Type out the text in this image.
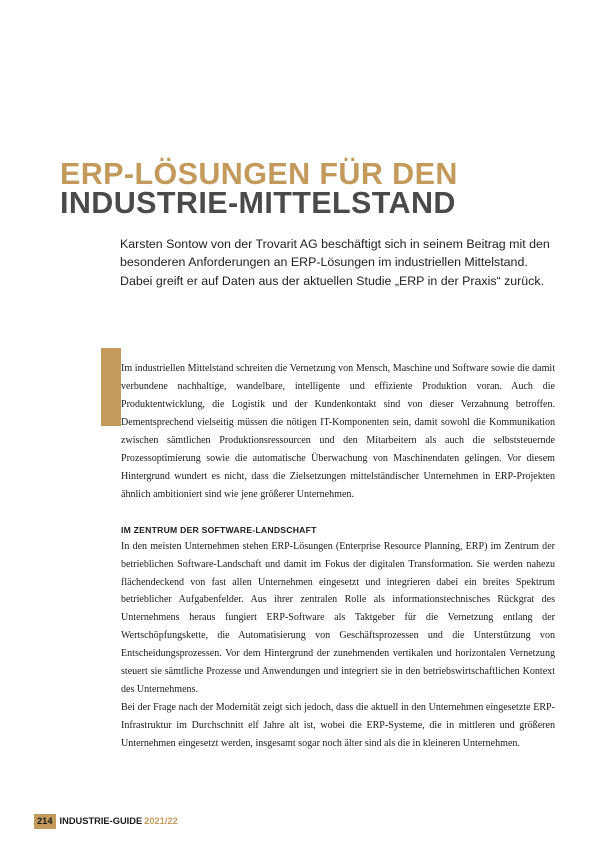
ERP-LÖSUNGEN FÜR DEN
INDUSTRIE-MITTELSTAND

Karsten Sontow von der Trovarit AG beschäftigt sich in seinem Beitrag mit den besonderen Anforderungen an ERP-Lösungen im industriellen Mittelstand. Dabei greift er auf Daten aus der aktuellen Studie „ERP in der Praxis“ zurück.

Im industriellen Mittelstand schreiten die Vernetzung von Mensch, Maschine und Software sowie die damit verbundene nachhaltige, wandelbare, intelligente und effiziente Produktion voran. Auch die Produktentwicklung, die Logistik und der Kundenkontakt sind von dieser Verzahnung betroffen. Dementsprechend vielseitig müssen die nötigen IT-Komponenten sein, damit sowohl die Kommunikation zwischen sämtlichen Produktionsressourcen und den Mitarbeitern als auch die selbststeuernde Prozessoptimierung sowie die automatische Überwachung von Maschinendaten gelingen. Vor diesem Hintergrund wundert es nicht, dass die Zielsetzungen mittelständischer Unternehmen in ERP-Projekten ähnlich ambitioniert sind wie jene größerer Unternehmen.

IM ZENTRUM DER SOFTWARE-LANDSCHAFT

In den meisten Unternehmen stehen ERP-Lösungen (Enterprise Resource Planning, ERP) im Zentrum der betrieblichen Software-Landschaft und damit im Fokus der digitalen Transformation. Sie werden nahezu flächendeckend von fast allen Unternehmen eingesetzt und integrieren dabei ein breites Spektrum betrieblicher Aufgabenfelder. Aus ihrer zentralen Rolle als informationstechnisches Rückgrat des Unternehmens heraus fungiert ERP-Software als Taktgeber für die Vernetzung entlang der Wertschöpfungskette, die Automatisierung von Geschäftsprozessen und die Unterstützung von Entscheidungsprozessen. Vor dem Hintergrund der zunehmenden vertikalen und horizontalen Vernetzung steuert sie sämtliche Prozesse und Anwendungen und integriert sie in den betriebswirtschaftlichen Kontext des Unternehmens.

Bei der Frage nach der Modernität zeigt sich jedoch, dass die aktuell in den Unternehmen eingesetzte ERP-Infrastruktur im Durchschnitt elf Jahre alt ist, wobei die ERP-Systeme, die in mittleren und größeren Unternehmen eingesetzt werden, insgesamt sogar noch älter sind als die in kleineren Unternehmen.

214 INDUSTRIE-GUIDE 2021/22
